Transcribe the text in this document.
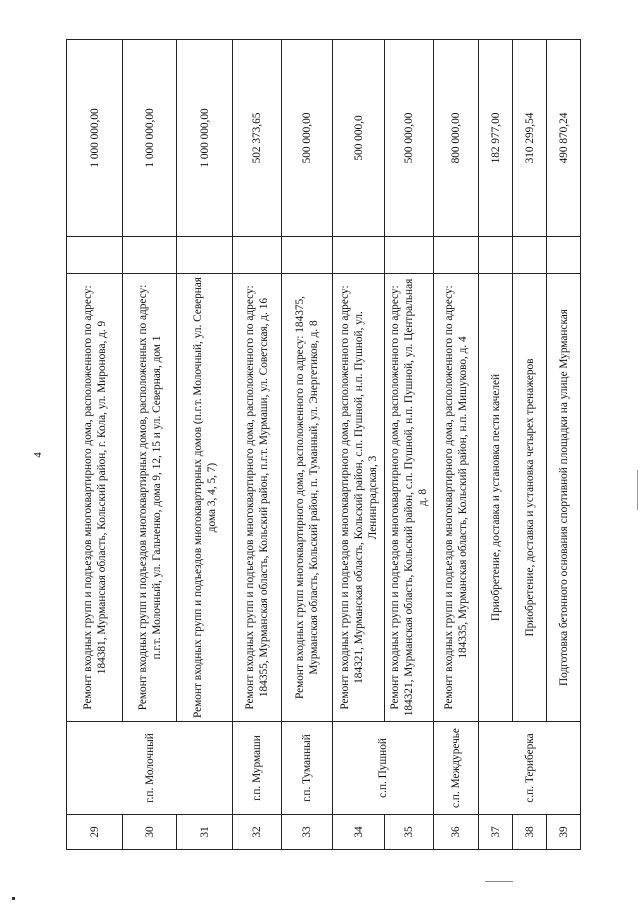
4
29	г.п. Молочный	Ремонт входных групп и подъездов многоквартирного дома, расположенного по адресу: 184381, Мурманская область, Кольский район, г. Кола, ул. Миронова, д. 9		1 000 000,00
30		Ремонт входных групп и подъездов многоквартирных домов, расположенных по адресу: п.г.т. Молочный, ул. Гальченко, дома 9, 12, 15 и ул. Северная, дом 1		1 000 000,00
31		Ремонт входных групп и подъездов многоквартирных домов (п.г.т. Молочный, ул. Северная дома 3, 4, 5, 7)		1 000 000,00
32	г.п. Мурмаши	Ремонт входных групп и подъездов многоквартирного дома, расположенного по адресу: 184355, Мурманская область, Кольский район, п.г.т. Мурмаши, ул. Советская, д. 16		502 373,65
33	г.п. Туманный	Ремонт входных групп многоквартирного дома, расположенного по адресу: 184375, Мурманская область, Кольский район, п. Туманный, ул. Энергетиков, д. 8		500 000,00
34	с.п. Пушной	Ремонт входных групп и подъездов многоквартирного дома, расположенного по адресу: 184321, Мурманская область, Кольский район, с.п. Пушной, н.п. Пушной, ул. Ленинградская, 3		500 000,0
35		Ремонт входных групп и подъездов многоквартирного дома, расположенного по адресу: 184321, Мурманская область, Кольский район, с.п. Пушной, н.п. Пушной, ул. Центральная д. 8		500 000,00
36	с.п. Междуречье	Ремонт входных групп и подъездов многоквартирного дома, расположенного по адресу: 184335, Мурманская область, Кольский район, н.п. Мишуково, д. 4		800 000,00
37	с.п. Териберка	Приобретение, доставка и установка пести качелей		182 977,00
38		Приобретение, доставка и установка четырех тренажеров		310 299,54
39		Подготовка бетонного основания спортивной площадки на улице Мурманская		490 870,24
